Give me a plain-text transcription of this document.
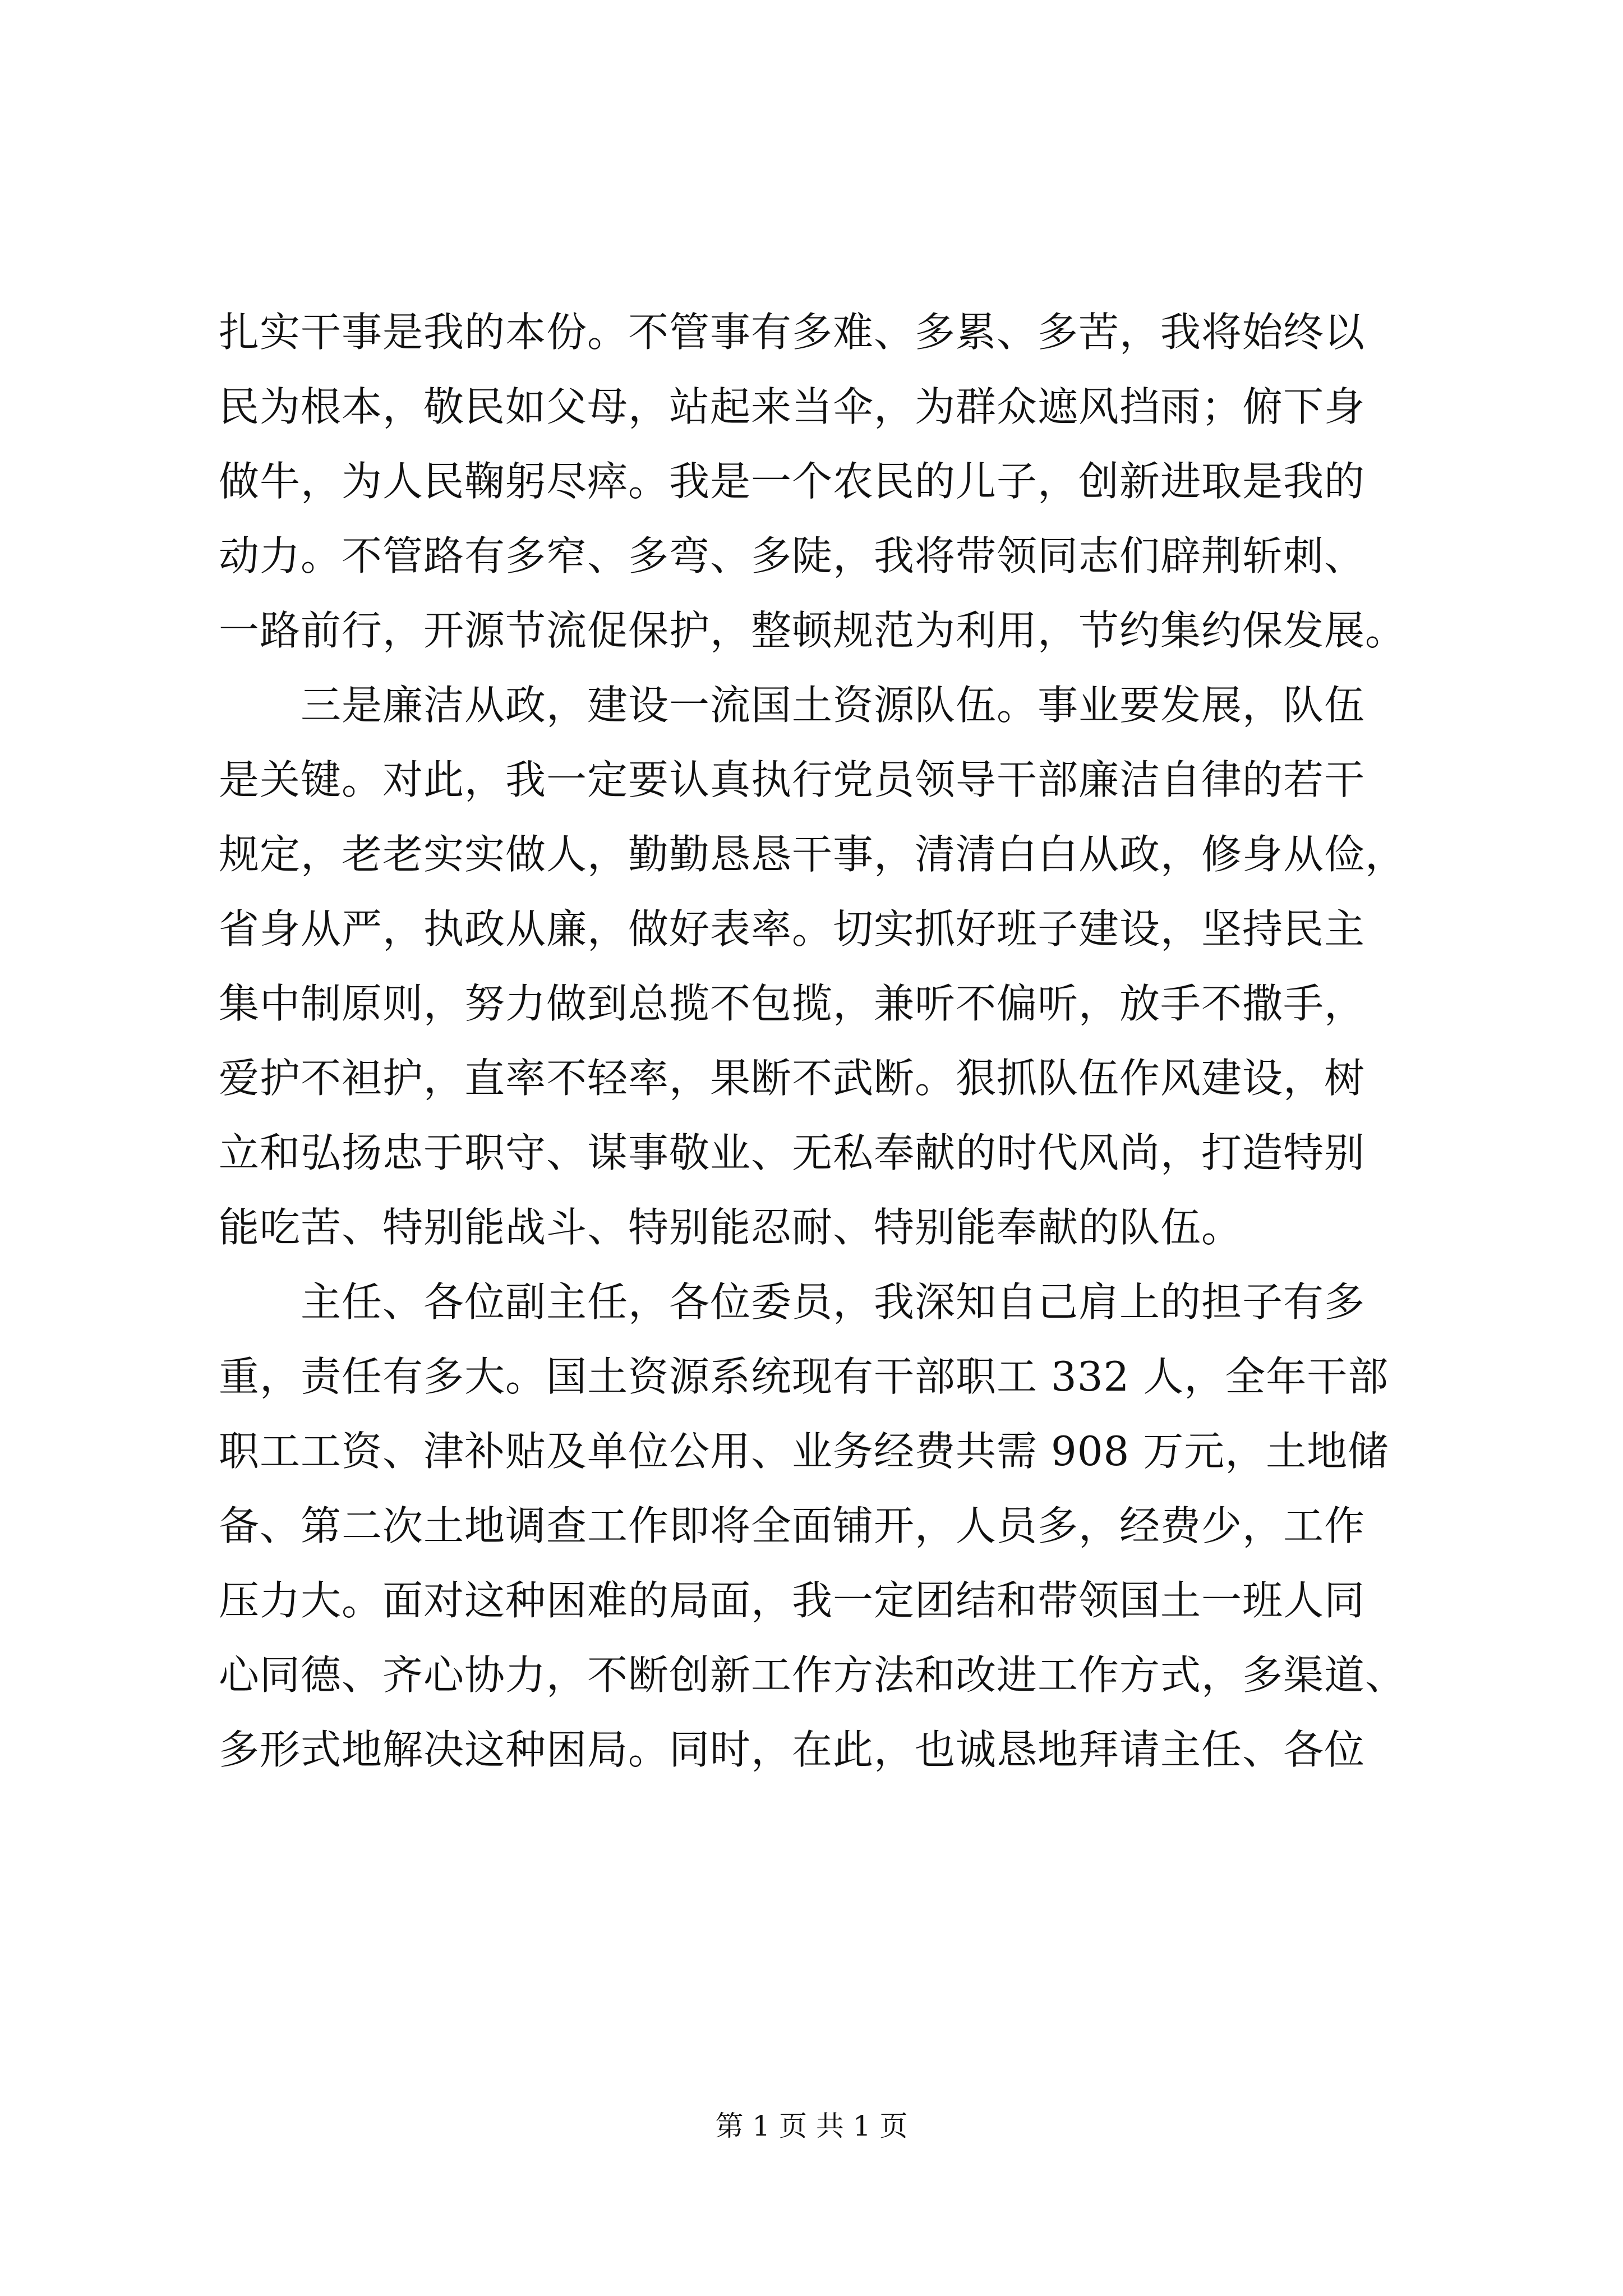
扎实干事是我的本份。不管事有多难、多累、多苦，我将始终以
民为根本，敬民如父母，站起来当伞，为群众遮风挡雨；俯下身
做牛，为人民鞠躬尽瘁。我是一个农民的儿子，创新进取是我的
动力。不管路有多窄、多弯、多陡，我将带领同志们辟荆斩刺、
一路前行，开源节流促保护，整顿规范为利用，节约集约保发展。
　　三是廉洁从政，建设一流国土资源队伍。事业要发展，队伍
是关键。对此，我一定要认真执行党员领导干部廉洁自律的若干
规定，老老实实做人，勤勤恳恳干事，清清白白从政，修身从俭，
省身从严，执政从廉，做好表率。切实抓好班子建设，坚持民主
集中制原则，努力做到总揽不包揽，兼听不偏听，放手不撒手，
爱护不袒护，直率不轻率，果断不武断。狠抓队伍作风建设，树
立和弘扬忠于职守、谋事敬业、无私奉献的时代风尚，打造特别
能吃苦、特别能战斗、特别能忍耐、特别能奉献的队伍。
　　主任、各位副主任，各位委员，我深知自己肩上的担子有多
重，责任有多大。国土资源系统现有干部职工 332 人，全年干部
职工工资、津补贴及单位公用、业务经费共需 908 万元，土地储
备、第二次土地调查工作即将全面铺开，人员多，经费少，工作
压力大。面对这种困难的局面，我一定团结和带领国土一班人同
心同德、齐心协力，不断创新工作方法和改进工作方式，多渠道、
多形式地解决这种困局。同时，在此，也诚恳地拜请主任、各位
第 1 页 共 1 页
